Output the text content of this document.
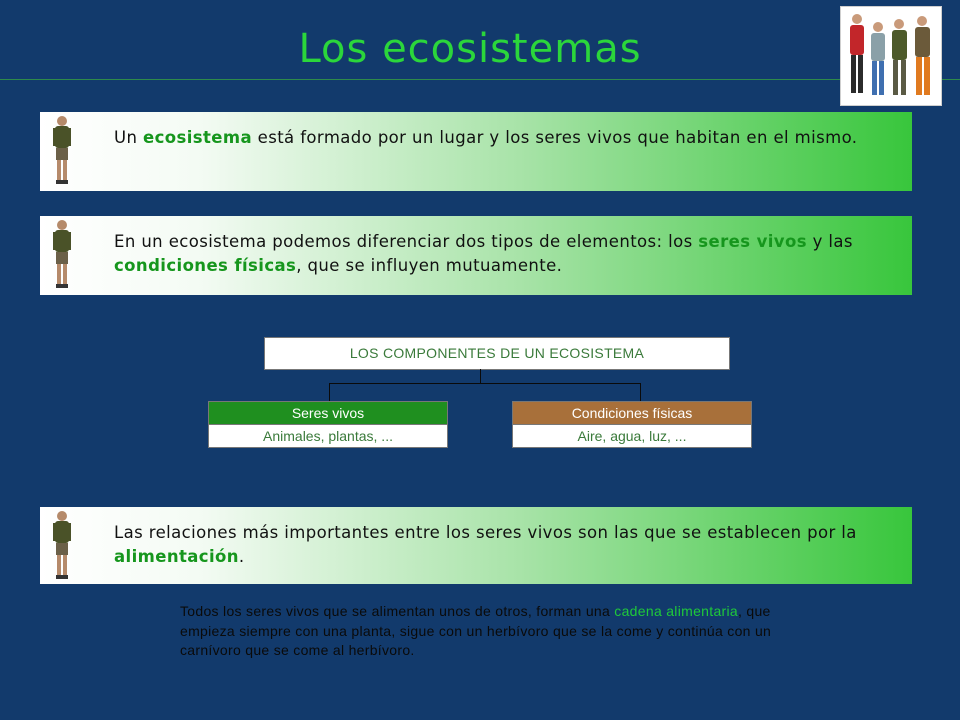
Los ecosistemas
Un ecosistema está formado por un lugar y los seres vivos que habitan en el mismo.
En un ecosistema podemos diferenciar dos tipos de elementos: los seres vivos y las condiciones físicas, que se influyen mutuamente.
LOS COMPONENTES DE UN ECOSISTEMA
Seres vivos
Animales, plantas, ...
Condiciones físicas
Aire, agua, luz, ...
Las relaciones más importantes entre los seres vivos son las que se establecen por la alimentación.
Todos los seres vivos que se alimentan unos de otros, forman una cadena alimentaria, que empieza siempre con una planta, sigue con un herbívoro que se la come y continúa con un carnívoro que se come al herbívoro.
